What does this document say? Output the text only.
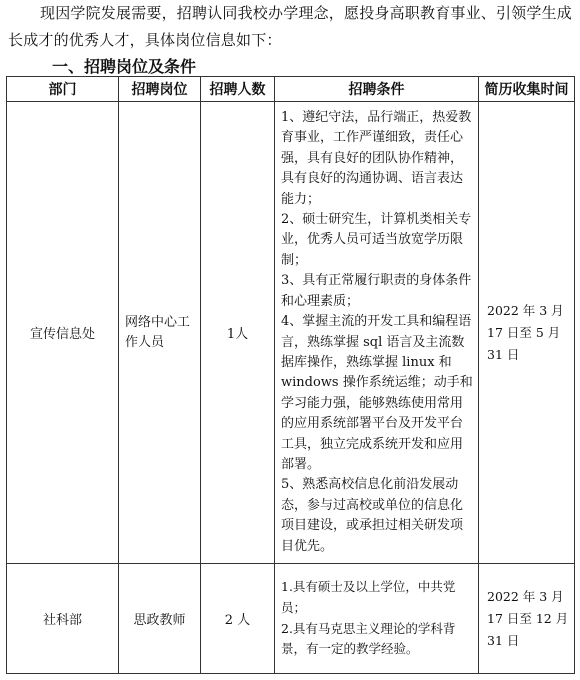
现因学院发展需要，招聘认同我校办学理念，愿投身高职教育事业、引领学生成长成才的优秀人才，具体岗位信息如下：

一、招聘岗位及条件

部门	招聘岗位	招聘人数	招聘条件	简历收集时间
宣传信息处	网络中心工作人员	1人	1、遵纪守法，品行端正，热爱教育事业，工作严谨细致，责任心强，具有良好的团队协作精神，具有良好的沟通协调、语言表达能力；

2、硕士研究生，计算机类相关专业，优秀人员可适当放宽学历限制；

3、具有正常履行职责的身体条件和心理素质；

4、掌握主流的开发工具和编程语言，熟练掌握 sql 语言及主流数据库操作，熟练掌握 linux 和 windows 操作系统运维；动手和学习能力强，能够熟练使用常用的应用系统部署平台及开发平台工具，独立完成系统开发和应用部署。

5、熟悉高校信息化前沿发展动态，参与过高校或单位的信息化项目建设，或承担过相关研发项目优先。	2022 年 3 月 17 日至 5 月 31 日
社科部	思政教师	2 人	1.具有硕士及以上学位，中共党员；

2.具有马克思主义理论的学科背景，有一定的教学经验。	2022 年 3 月 17 日至 12 月 31 日
